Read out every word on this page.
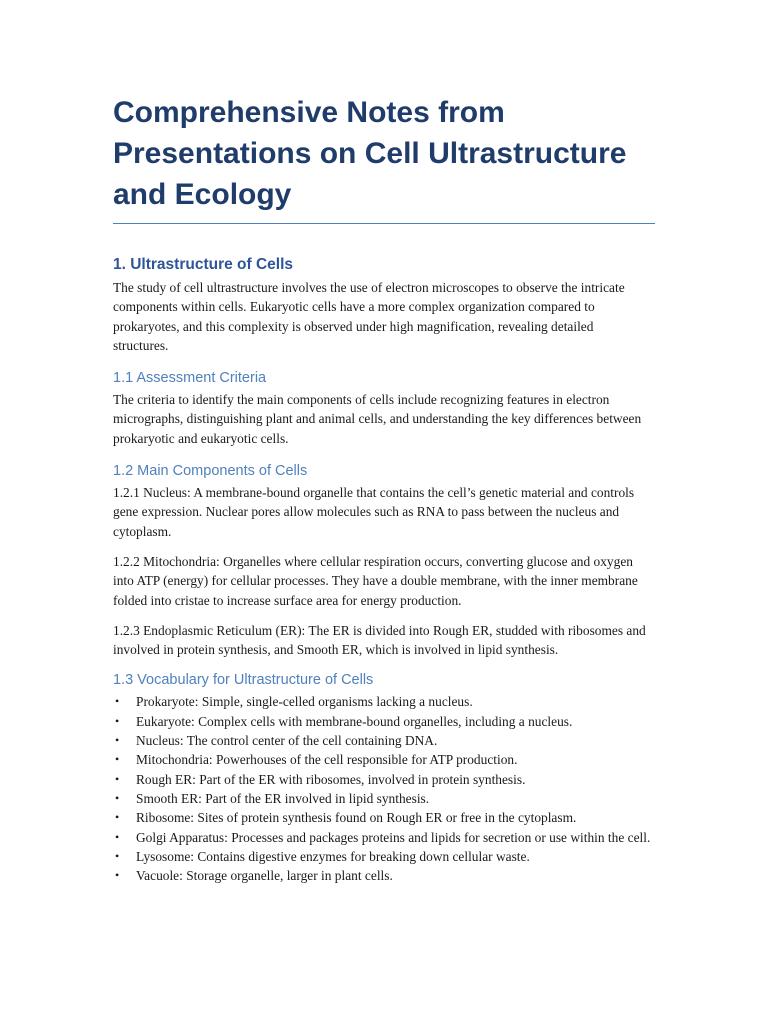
Comprehensive Notes from Presentations on Cell Ultrastructure and Ecology
1. Ultrastructure of Cells

The study of cell ultrastructure involves the use of electron microscopes to observe the intricate components within cells. Eukaryotic cells have a more complex organization compared to prokaryotes, and this complexity is observed under high magnification, revealing detailed structures.

1.1 Assessment Criteria

The criteria to identify the main components of cells include recognizing features in electron micrographs, distinguishing plant and animal cells, and understanding the key differences between prokaryotic and eukaryotic cells.

1.2 Main Components of Cells

1.2.1 Nucleus: A membrane-bound organelle that contains the cell’s genetic material and controls gene expression. Nuclear pores allow molecules such as RNA to pass between the nucleus and cytoplasm.

1.2.2 Mitochondria: Organelles where cellular respiration occurs, converting glucose and oxygen into ATP (energy) for cellular processes. They have a double membrane, with the inner membrane folded into cristae to increase surface area for energy production.

1.2.3 Endoplasmic Reticulum (ER): The ER is divided into Rough ER, studded with ribosomes and involved in protein synthesis, and Smooth ER, which is involved in lipid synthesis.

1.3 Vocabulary for Ultrastructure of Cells
• Prokaryote: Simple, single-celled organisms lacking a nucleus.
• Eukaryote: Complex cells with membrane-bound organelles, including a nucleus.
• Nucleus: The control center of the cell containing DNA.
• Mitochondria: Powerhouses of the cell responsible for ATP production.
• Rough ER: Part of the ER with ribosomes, involved in protein synthesis.
• Smooth ER: Part of the ER involved in lipid synthesis.
• Ribosome: Sites of protein synthesis found on Rough ER or free in the cytoplasm.
• Golgi Apparatus: Processes and packages proteins and lipids for secretion or use within the cell.
• Lysosome: Contains digestive enzymes for breaking down cellular waste.
• Vacuole: Storage organelle, larger in plant cells.
